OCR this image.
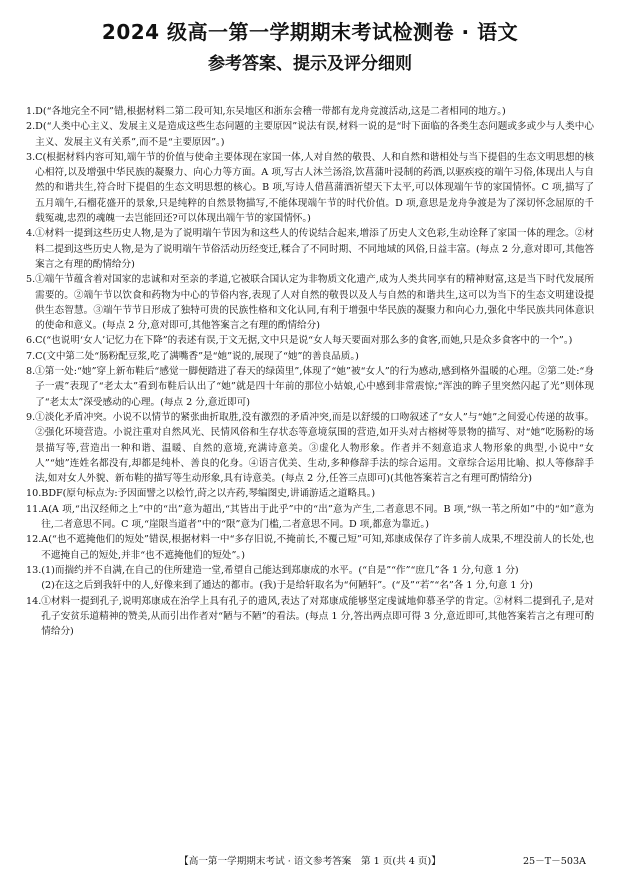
2024 级高一第一学期期末考试检测卷 · 语文
参考答案、提示及评分细则
1. D(“各地完全不同”错,根据材料二第二段可知,东吴地区和浙东会稽一带都有龙舟竞渡活动,这是二者相同的地方。)
2. D(“人类中心主义、发展主义是造成这些生态问题的主要原因”说法有误,材料一说的是“时下面临的各类生态问题或多或少与人类中心主义、发展主义有关系”,而不是“主要原因”。)
3. C(根据材料内容可知,端午节的价值与使命主要体现在家国一体,人对自然的敬畏、人和自然和谐相处与当下提倡的生态文明思想的核心相符,以及增强中华民族的凝聚力、向心力等方面。A 项,写古人沐兰汤浴,饮菖蒲叶浸制的药酒,以驱疾疫的端午习俗,体现出人与自然的和谐共生,符合时下提倡的生态文明思想的核心。B 项,写诗人借菖蒲酒祈望天下太平,可以体现端午节的家国情怀。C 项,描写了五月端午,石榴花盛开的景象,只是纯粹的自然景物描写,不能体现端午节的时代价值。D 项,意思是龙舟争渡是为了深切怀念屈原的千载冤魂,忠烈的魂魄一去岂能回还?可以体现出端午节的家国情怀。)
4. ①材料一提到这些历史人物,是为了说明端午节因为和这些人的传说结合起来,增添了历史人文色彩,生动诠释了家国一体的理念。②材料二提到这些历史人物,是为了说明端午节俗活动历经变迁,糅合了不同时期、不同地域的风俗,日益丰富。(每点 2 分,意对即可,其他答案言之有理的酌情给分)
5. ①端午节蕴含着对国家的忠诚和对至亲的孝道,它被联合国认定为非物质文化遗产,成为人类共同享有的精神财富,这是当下时代发展所需要的。②端午节以饮食和药物为中心的节俗内容,表现了人对自然的敬畏以及人与自然的和谐共生,这可以为当下的生态文明建设提供生态智慧。③端午节节日形成了独特可贵的民族性格和文化认同,有利于增强中华民族的凝聚力和向心力,强化中华民族共同体意识的使命和意义。(每点 2 分,意对即可,其他答案言之有理的酌情给分)
6. C(“也说明‘女人’记忆力在下降”的表述有误,于文无据,文中只是说“女人每天要面对那么多的食客,而她,只是众多食客中的一个”。)
7. C(文中第二处“肠粉配豆浆,吃了满嘴香”是“她”说的,展现了“她”的善良品质。)
8. ①第一处:“她”穿上新布鞋后“感觉一脚便踏进了春天的绿茵里”,体现了“她”被“女人”的行为感动,感到格外温暖的心理。②第二处:“身子一震”表现了“老太太”看到布鞋后认出了“她”就是四十年前的那位小姑娘,心中感到非常震惊;“浑浊的眸子里突然闪起了光”则体现了“老太太”深受感动的心理。(每点 2 分,意近即可)
9. ①淡化矛盾冲突。小说不以情节的紧张曲折取胜,没有激烈的矛盾冲突,而是以舒缓的口吻叙述了“女人”与“她”之间爱心传递的故事。②强化环境营造。小说注重对自然风光、民情风俗和生存状态等意境氛围的营造,如开头对古榕树等景物的描写、对“她”吃肠粉的场景描写等,营造出一种和谐、温暖、自然的意境,充满诗意美。③虚化人物形象。作者并不刻意追求人物形象的典型,小说中“女人”“她”连姓名都没有,却都是纯朴、善良的化身。④语言优美、生动,多种修辞手法的综合运用。文章综合运用比喻、拟人等修辞手法,如对女人外貌、新布鞋的描写等生动形象,具有诗意美。(每点 2 分,任答三点即可)(其他答案若言之有理可酌情给分)
10. BDF(原句标点为:予因面譬之以桧竹,莳之以卉药,琴编图史,讲诵游适之道略具。)
11. A(A 项,“出汉经师之上”中的“出”意为超出,“其皆出于此乎”中的“出”意为产生,二者意思不同。B 项,“纵一苇之所如”中的“如”意为往,二者意思不同。C 项,“崖限当道者”中的“限”意为门槛,二者意思不同。D 项,都意为靠近。)
12. A(“也不遮掩他们的短处”错误,根据材料一中“多存旧说,不掩前长,不覆己短”可知,郑康成保存了许多前人成果,不埋没前人的长处,也不遮掩自己的短处,并非“也不遮掩他们的短处”。)
13. (1) 而揣约并不自满,在自己的住所建造一堂,希望自己能达到郑康成的水平。(“自是”“作”“庶几”各 1 分,句意 1 分)
(2) 在这之后到我轩中的人,好像来到了通达的都市。(我)于是给轩取名为“何陋轩”。(“及”“若”“名”各 1 分,句意 1 分)
14. ①材料一提到孔子,说明郑康成在治学上具有孔子的遗风,表达了对郑康成能够坚定虔诚地仰慕圣学的肯定。②材料二提到孔子,是对孔子安贫乐道精神的赞美,从而引出作者对“陋与不陋”的看法。(每点 1 分,答出两点即可得 3 分,意近即可,其他答案若言之有理可酌情给分)
【高一第一学期期末考试 · 语文参考答案　第 1 页(共 4 页)】	25－T－503A
